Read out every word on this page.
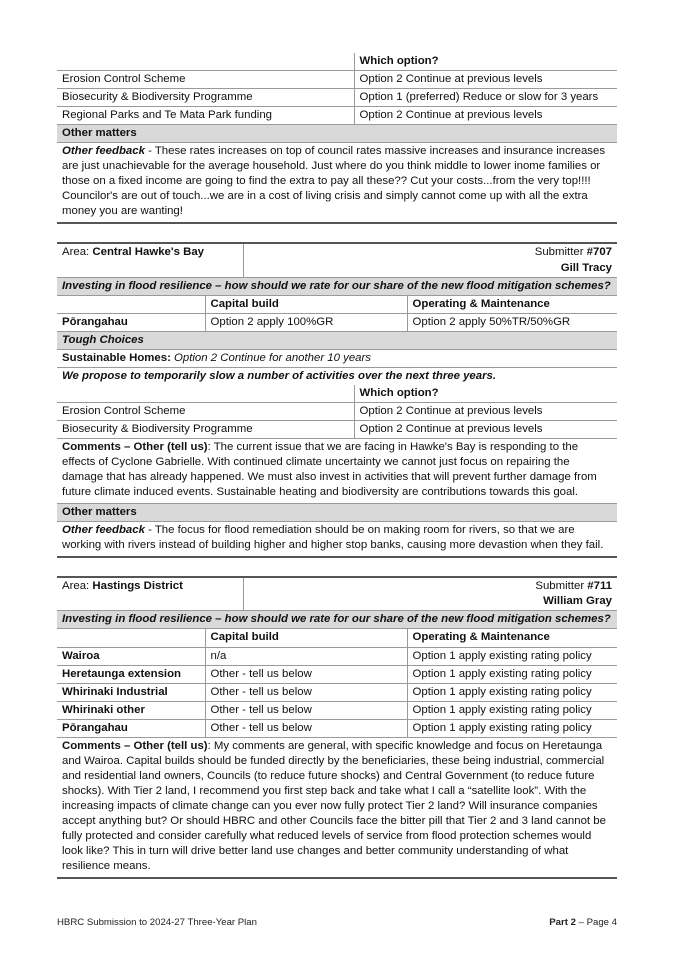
	Which option?
Erosion Control Scheme	Option 2 Continue at previous levels
Biosecurity & Biodiversity Programme	Option 1 (preferred) Reduce or slow for 3 years
Regional Parks and Te Mata Park funding	Option 2 Continue at previous levels
Other matters	
Other feedback - These rates increases on top of council rates massive increases and insurance increases are just unachievable for the average household. Just where do you think middle to lower inome families or those on a fixed income are going to find the extra to pay all these?? Cut your costs...from the very top!!!! Councilor's are out of touch...we are in a cost of living crisis and simply cannot come up with all the extra money you are wanting!	
Area: Central Hawke's Bay		Submitter #707
Gill Tracy	
Investing in flood resilience – how should we rate for our share of the new flood mitigation schemes?			
	Capital build		Operating & Maintenance
Pōrangahau	Option 2 apply 100%GR		Option 2 apply 50%TR/50%GR
Tough Choices			
Sustainable Homes: Option 2 Continue for another 10 years			
We propose to temporarily slow a number of activities over the next three years.			
	Which option?
Erosion Control Scheme	Option 2 Continue at previous levels
Biosecurity & Biodiversity Programme	Option 2 Continue at previous levels
Comments – Other (tell us): The current issue that we are facing in Hawke's Bay is responding to the effects of Cyclone Gabrielle. With continued climate uncertainty we cannot just focus on repairing the damage that has already happened. We must also invest in activities that will prevent further damage from future climate induced events. Sustainable heating and biodiversity are contributions towards this goal.	
Other matters	
Other feedback - The focus for flood remediation should be on making room for rivers, so that we are working with rivers instead of building higher and higher stop banks, causing more devastion when they fail.	
Area: Hastings District		Submitter #711
William Gray	
Investing in flood resilience – how should we rate for our share of the new flood mitigation schemes?			
	Capital build		Operating & Maintenance
Wairoa	n/a		Option 1 apply existing rating policy
Heretaunga extension	Other - tell us below		Option 1 apply existing rating policy
Whirinaki Industrial	Other - tell us below		Option 1 apply existing rating policy
Whirinaki other	Other - tell us below		Option 1 apply existing rating policy
Pōrangahau	Other - tell us below		Option 1 apply existing rating policy
Comments – Other (tell us): My comments are general, with specific knowledge and focus on Heretaunga and Wairoa. Capital builds should be funded directly by the beneficiaries, these being industrial, commercial and residential land owners, Councils (to reduce future shocks) and Central Government (to reduce future shocks). With Tier 2 land, I recommend you first step back and take what I call a “satellite look”. With the increasing impacts of climate change can you ever now fully protect Tier 2 land? Will insurance companies accept anything but? Or should HBRC and other Councils face the bitter pill that Tier 2 and 3 land cannot be fully protected and consider carefully what reduced levels of service from flood protection schemes would look like? This in turn will drive better land use changes and better community understanding of what resilience means.			
HBRC Submission to 2024-27 Three-Year Plan	Part 2 – Page 4
